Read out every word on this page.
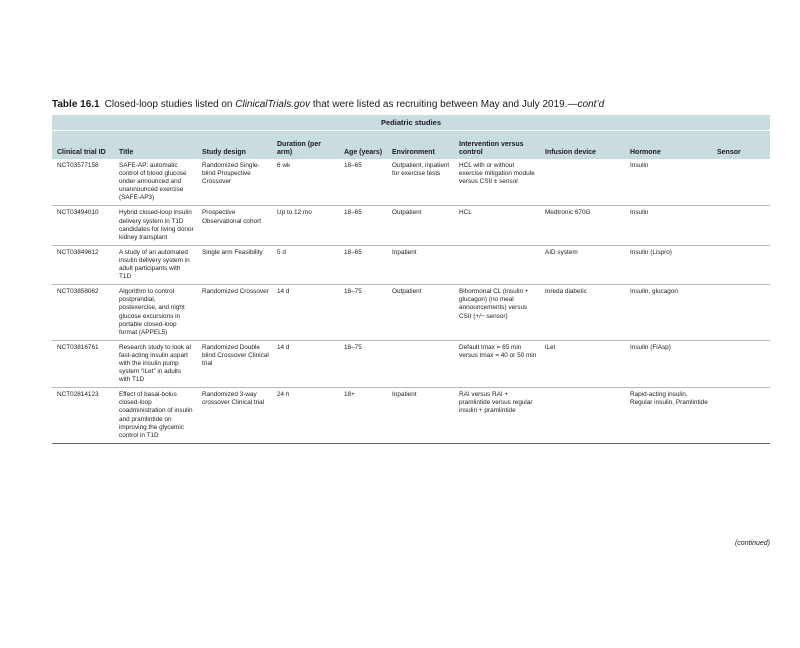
Table 16.1 Closed-loop studies listed on ClinicalTrials.gov that were listed as recruiting between May and July 2019.—cont’d
Pediatric studies
Clinical trial ID	Title	Study design	Duration (per arm)	Age (years)	Environment	Intervention versus control	Infusion device	Hormone	Sensor
NCT03577158	SAFE-AP: automatic control of blood glucose under announced and unannounced exercise (SAFE-AP3)	Randomized Single-blind Prospective Crossover	6 wk	18–65	Outpatient, inpatient for exercise tests	HCL with or without exercise mitigation module versus CSII ± sensor		Insulin	
NCT03494010	Hybrid closed-loop insulin delivery system in T1D candidates for living donor kidney transplant	Prospective Observational cohort	Up to 12 mo	18–65	Outpatient	HCL	Medtronic 670G	Insulin	
NCT03849612	A study of an automated insulin delivery system in adult participants with T1D	Single arm Feasibility	5 d	18–65	Inpatient		AID system	Insulin (Lispro)	
NCT03858062	Algorithm to control postprandial, postexercise, and night glucose excursions in portable closed-loop format (APPEL5)	Randomized Crossover	14 d	18–75	Outpatient	Bihormonal CL (insulin + glucagon) (no meal announcements) versus CSII (+/− sensor)	Inreda diabetic	Insulin, glucagon	
NCT03816761	Research study to look at fast-acting insulin aspart with the insulin pump system “iLet” in adults with T1D	Randomized Double blind Crossover Clinical trial	14 d	18–75		Default tmax = 65 min versus tmax = 40 or 50 min	iLet	Insulin (FiAsp)	
NCT02814123	Effect of basal-bolus closed-loop coadministration of insulin and pramlintide on improving the glycemic control in T1D	Randomized 3-way crossover Clinical trial	24 h	18+	Inpatient	RAI versus RAI + pramlintide versus regular insulin + pramlintide		Rapid-acting insulin, Regular insulin, Pramlintide	
(continued)
